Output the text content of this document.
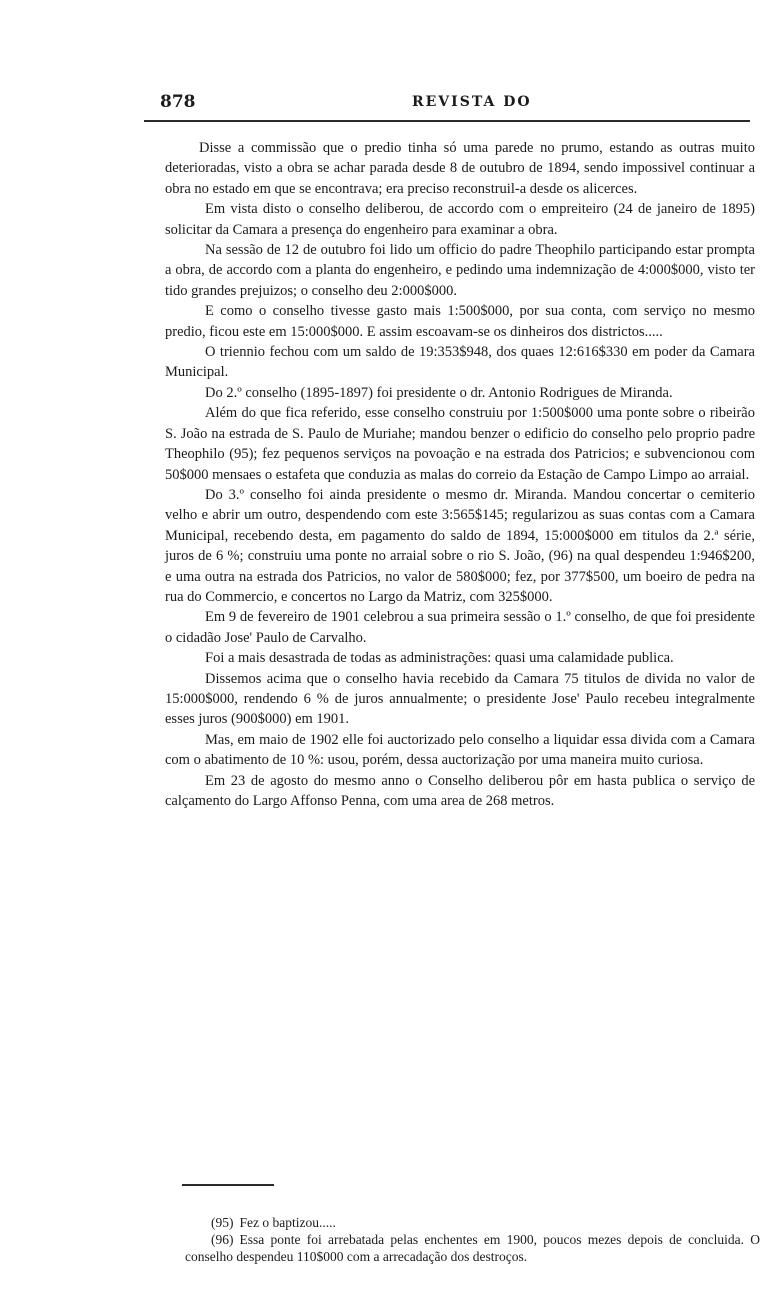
878	REVISTA DO

Disse a commissão que o predio tinha só uma parede no prumo, estando as outras muito deterioradas, visto a obra se achar parada desde 8 de outubro de 1894, sendo impossivel continuar a obra no estado em que se encontrava; era preciso reconstruil-a desde os alicerces.

Em vista disto o conselho deliberou, de accordo com o empreiteiro (24 de janeiro de 1895) solicitar da Camara a presença do engenheiro para examinar a obra.

Na sessão de 12 de outubro foi lido um officio do padre Theophilo participando estar prompta a obra, de accordo com a planta do engenheiro, e pedindo uma indemnização de 4:000$000, visto ter tido grandes prejuizos; o conselho deu 2:000$000.

E como o conselho tivesse gasto mais 1:500$000, por sua conta, com serviço no mesmo predio, ficou este em 15:000$000. E assim escoavam-se os dinheiros dos districtos.....

O triennio fechou com um saldo de 19:353$948, dos quaes 12:616$330 em poder da Camara Municipal.

Do 2.º conselho (1895-1897) foi presidente o dr. Antonio Rodrigues de Miranda.

Além do que fica referido, esse conselho construiu por 1:500$000 uma ponte sobre o ribeirão S. João na estrada de S. Paulo de Muriahe; mandou benzer o edificio do conselho pelo proprio padre Theophilo (95); fez pequenos serviços na povoação e na estrada dos Patricios; e subvencionou com 50$000 mensaes o estafeta que conduzia as malas do correio da Estação de Campo Limpo ao arraial.

Do 3.º conselho foi ainda presidente o mesmo dr. Miranda. Mandou concertar o cemiterio velho e abrir um outro, despendendo com este 3:565$145; regularizou as suas contas com a Camara Municipal, recebendo desta, em pagamento do saldo de 1894, 15:000$000 em titulos da 2.ª série, juros de 6 %; construiu uma ponte no arraial sobre o rio S. João, (96) na qual despendeu 1:946$200, e uma outra na estrada dos Patricios, no valor de 580$000; fez, por 377$500, um boeiro de pedra na rua do Commercio, e concertos no Largo da Matriz, com 325$000.

Em 9 de fevereiro de 1901 celebrou a sua primeira sessão o 1.º conselho, de que foi presidente o cidadão Jose' Paulo de Carvalho.

Foi a mais desastrada de todas as administrações: quasi uma calamidade publica.

Dissemos acima que o conselho havia recebido da Camara 75 titulos de divida no valor de 15:000$000, rendendo 6 % de juros annualmente; o presidente Jose' Paulo recebeu integralmente esses juros (900$000) em 1901.

Mas, em maio de 1902 elle foi auctorizado pelo conselho a liquidar essa divida com a Camara com o abatimento de 10 %: usou, porém, dessa auctorização por uma maneira muito curiosa.

Em 23 de agosto do mesmo anno o Conselho deliberou pôr em hasta publica o serviço de calçamento do Largo Affonso Penna, com uma area de 268 metros.

(95) Fez o baptizou.....

(96) Essa ponte foi arrebatada pelas enchentes em 1900, poucos mezes depois de concluida. O conselho despendeu 110$000 com a arrecadação dos destroços.
